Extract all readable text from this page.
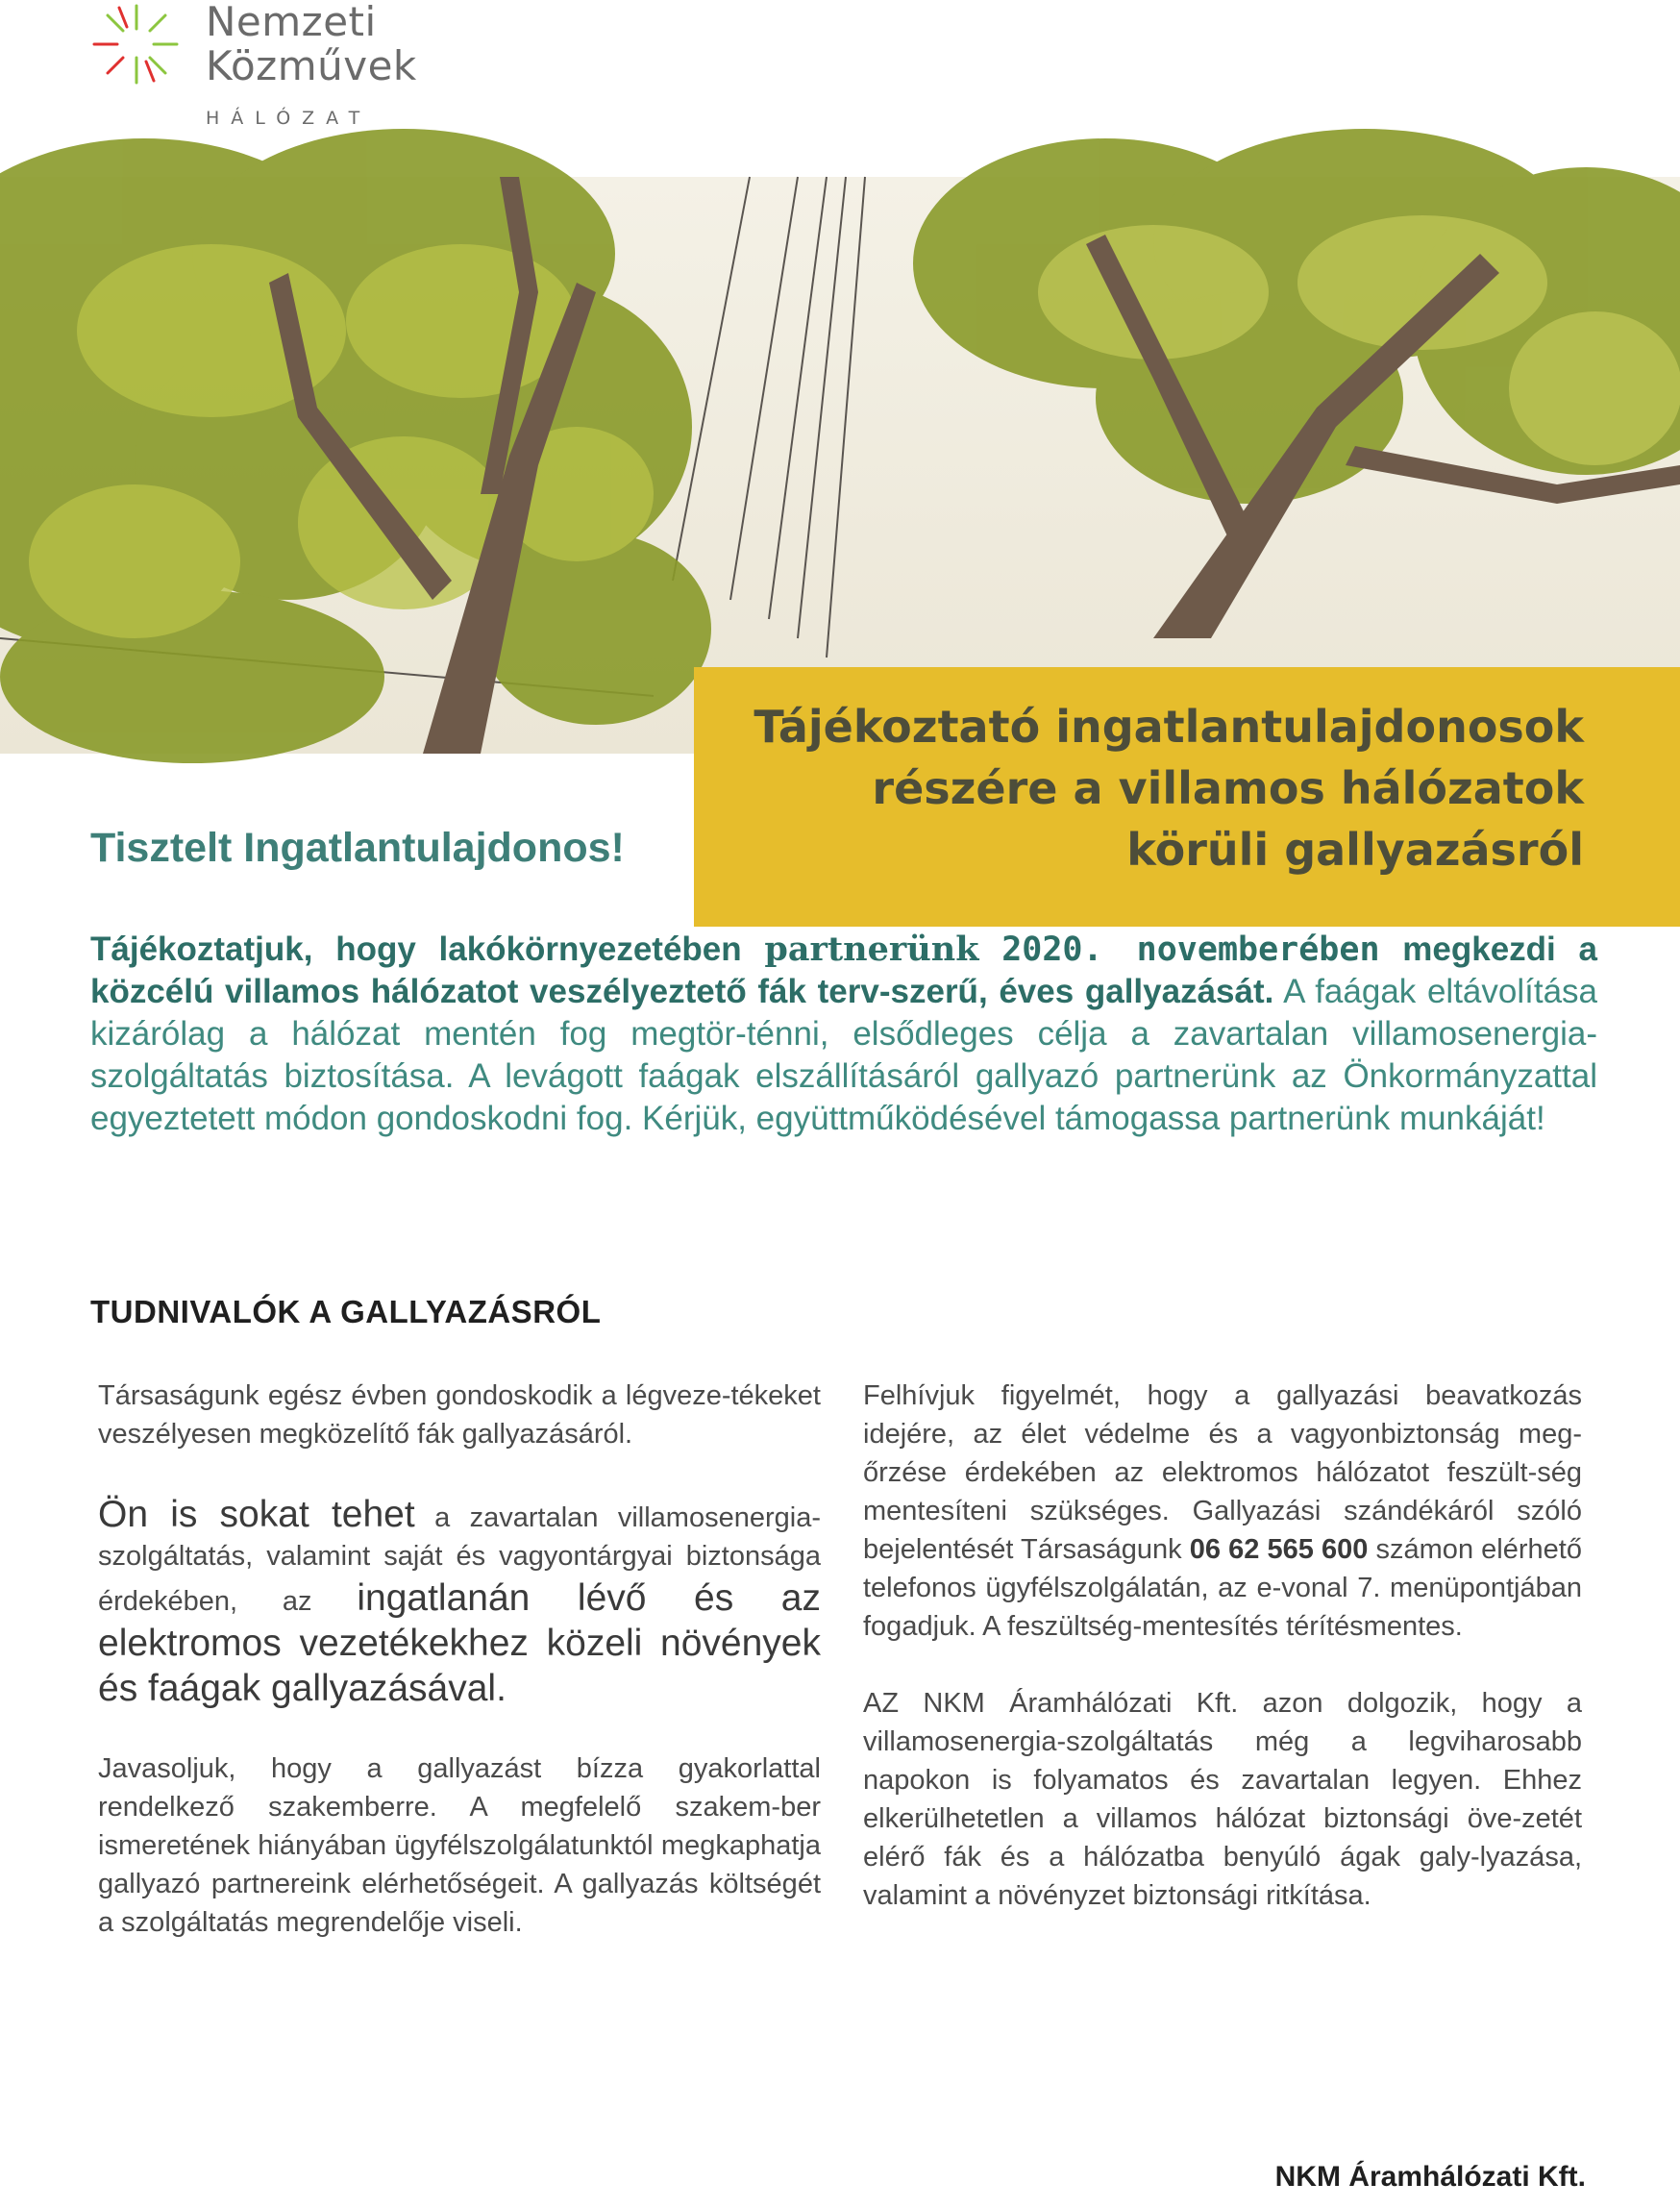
Nemzeti
Közművek
HÁLÓZAT
Tájékoztató ingatlantulajdonosok
részére a villamos hálózatok
körüli gallyazásról
Tisztelt Ingatlantulajdonos!
Tájékoztatjuk, hogy lakókörnyezetében partnerünk 2020. novemberében megkezdi a közcélú villamos hálózatot veszélyeztető fák terv-szerű, éves gallyazását. A faágak eltávolítása kizárólag a hálózat mentén fog megtör-ténni, elsődleges célja a zavartalan villamosenergia-szolgáltatás biztosítása. A levágott faágak elszállításáról gallyazó partnerünk az Önkormányzattal egyeztetett módon gondoskodni fog. Kérjük, együttműködésével támogassa partnerünk munkáját!
TUDNIVALÓK A GALLYAZÁSRÓL

Társaságunk egész évben gondoskodik a légveze-tékeket veszélyesen megközelítő fák gallyazásáról.

Ön is sokat tehet a zavartalan villamosenergia-szolgáltatás, valamint saját és vagyontárgyai biztonsága érdekében, az ingatlanán lévő és az elektromos vezetékekhez közeli növények és faágak gallyazásával.

Javasoljuk, hogy a gallyazást bízza gyakorlattal rendelkező szakemberre. A megfelelő szakem-ber ismeretének hiányában ügyfélszolgálatunktól megkaphatja gallyazó partnereink elérhetőségeit. A gallyazás költségét a szolgáltatás megrendelője viseli.

Felhívjuk figyelmét, hogy a gallyazási beavatkozás idejére, az élet védelme és a vagyonbiztonság meg-őrzése érdekében az elektromos hálózatot feszült-ség mentesíteni szükséges. Gallyazási szándékáról szóló bejelentését Társaságunk 06 62 565 600 számon elérhető telefonos ügyfélszolgálatán, az e-vonal 7. menüpontjában fogadjuk. A feszültség-mentesítés térítésmentes.

AZ NKM Áramhálózati Kft. azon dolgozik, hogy a villamosenergia-szolgáltatás még a legviharosabb napokon is folyamatos és zavartalan legyen. Ehhez elkerülhetetlen a villamos hálózat biztonsági öve-zetét elérő fák és a hálózatba benyúló ágak galy-lyazása, valamint a növényzet biztonsági ritkítása.

NKM Áramhálózati Kft.
